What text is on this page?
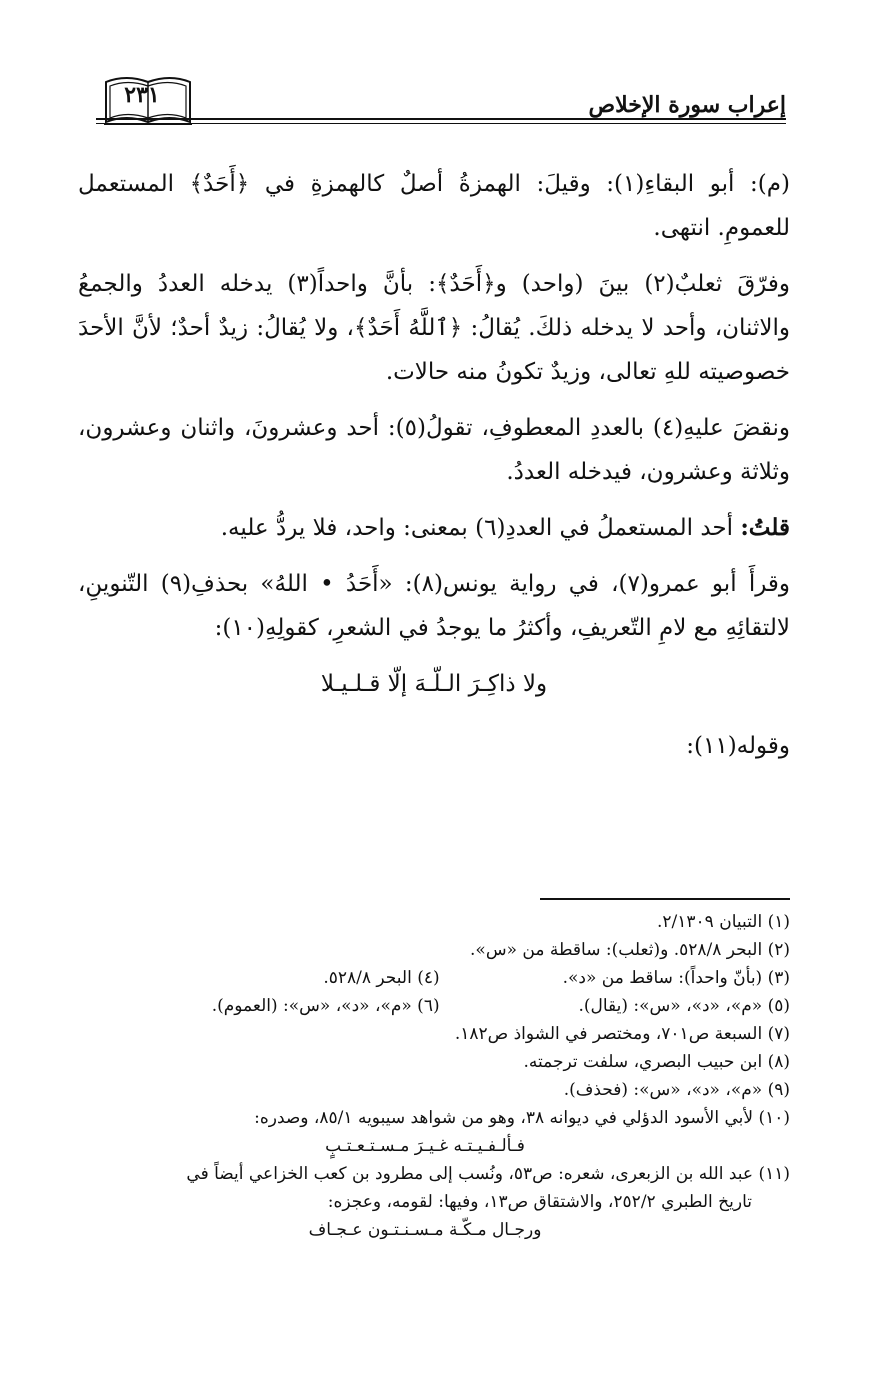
٢٣١	إعراب سورة الإخلاص

(م): أبو البقاءِ(١): وقيلَ: الهمزةُ أصلٌ كالهمزةِ في ﴿أَحَدٌ﴾ المستعمل للعمومِ. انتهى.

وفرّقَ ثعلبٌ(٢) بينَ (واحد) و﴿أَحَدٌ﴾: بأنَّ واحداً(٣) يدخله العددُ والجمعُ والاثنان، وأحد لا يدخله ذلكَ. يُقالُ: ﴿ٱللَّهُ أَحَدٌ﴾، ولا يُقالُ: زيدٌ أحدٌ؛ لأنَّ الأحدَ خصوصيته للهِ تعالى، وزيدٌ تكونُ منه حالات.

ونقضَ عليهِ(٤) بالعددِ المعطوفِ، تقولُ(٥): أحد وعشرونَ، واثنان وعشرون، وثلاثة وعشرون، فيدخله العددُ.

قلتُ: أحد المستعملُ في العددِ(٦) بمعنى: واحد، فلا يردُّ عليه.

وقرأَ أبو عمرو(٧)، في رواية يونس(٨): «أَحَدُ • اللهُ» بحذفِ(٩) التّنوينِ، لالتقائِهِ مع لامِ التّعريفِ، وأكثرُ ما يوجدُ في الشعرِ، كقولِهِ(١٠):

ولا ذاكِـرَ الـلّـهَ إلّا قـلـيـلا

وقوله(١١):

(١) التبيان ٢/١٣٠٩.
(٢) البحر ٥٢٨/٨. و(ثعلب): ساقطة من «س».
(٣) (بأنّ واحداً): ساقط من «د».
(٤) البحر ٥٢٨/٨.
(٥) «م»، «د»، «س»: (يقال).
(٦) «م»، «د»، «س»: (العموم).
(٧) السبعة ص٧٠١، ومختصر في الشواذ ص١٨٢.
(٨) ابن حبيب البصري، سلفت ترجمته.
(٩) «م»، «د»، «س»: (فحذف).
(١٠) لأبي الأسود الدؤلي في ديوانه ٣٨، وهو من شواهد سيبويه ٨٥/١، وصدره:
فـألـفـيـتـه غـيـرَ مـسـتـعـتـبٍ
(١١) عبد الله بن الزبعرى، شعره: ص٥٣، ونُسب إلى مطرود بن كعب الخزاعي أيضاً في
تاريخ الطبري ٢٥٢/٢، والاشتقاق ص١٣، وفيها: لقومه، وعجزه:
ورجـال مـكّـة مـسـنـتـون عـجـاف
